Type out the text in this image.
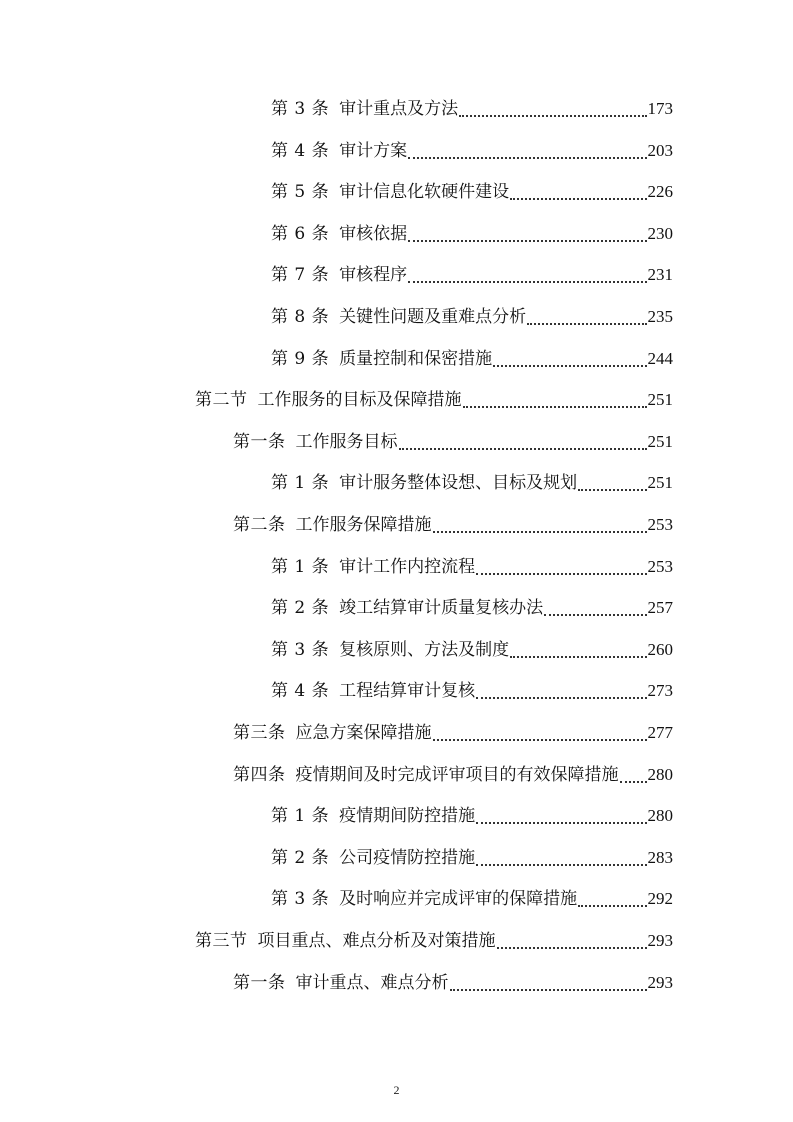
第 3 条 审计重点及方法	173
第 4 条 审计方案	203
第 5 条 审计信息化软硬件建设	226
第 6 条 审核依据	230
第 7 条 审核程序	231
第 8 条 关键性问题及重难点分析	235
第 9 条 质量控制和保密措施	244
第二节 工作服务的目标及保障措施	251
第一条 工作服务目标	251
第 1 条 审计服务整体设想、目标及规划	251
第二条 工作服务保障措施	253
第 1 条 审计工作内控流程	253
第 2 条 竣工结算审计质量复核办法	257
第 3 条 复核原则、方法及制度	260
第 4 条 工程结算审计复核	273
第三条 应急方案保障措施	277
第四条 疫情期间及时完成评审项目的有效保障措施 280
第 1 条 疫情期间防控措施	280
第 2 条 公司疫情防控措施	283
第 3 条 及时响应并完成评审的保障措施	292
第三节 项目重点、难点分析及对策措施	293
第一条 审计重点、难点分析	293
2
